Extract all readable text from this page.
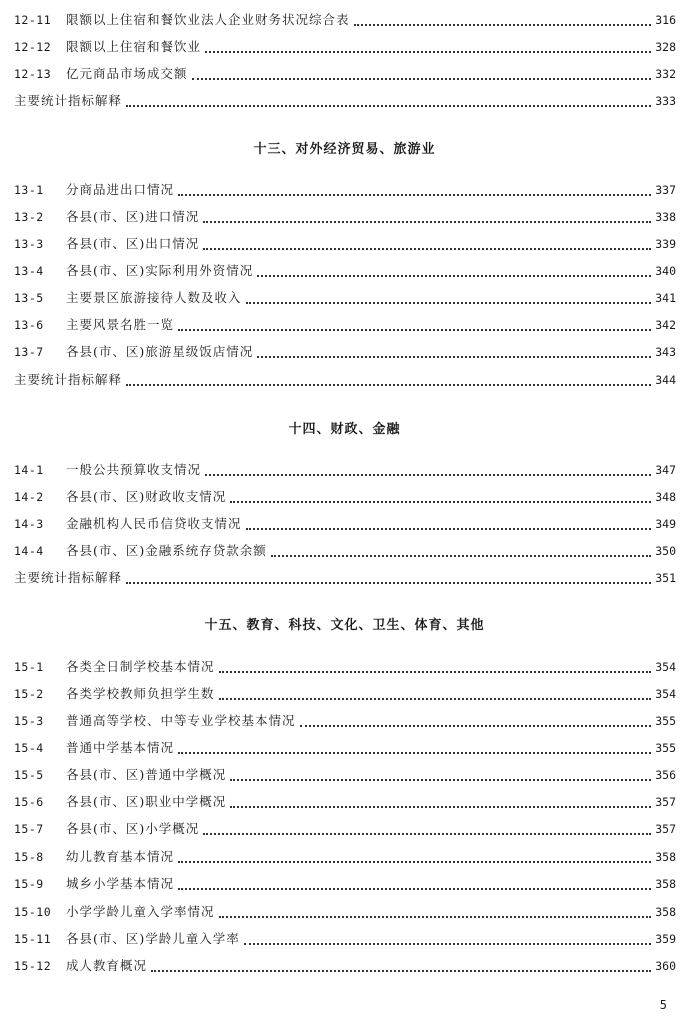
12-11	限额以上住宿和餐饮业法人企业财务状况综合表	316
12-12	限额以上住宿和餐饮业	328
12-13	亿元商品市场成交额	332
主要统计指标解释	333
十三、对外经济贸易、旅游业
13-1	分商品进出口情况	337
13-2	各县(市、区)进口情况	338
13-3	各县(市、区)出口情况	339
13-4	各县(市、区)实际利用外资情况	340
13-5	主要景区旅游接待人数及收入	341
13-6	主要风景名胜一览	342
13-7	各县(市、区)旅游星级饭店情况	343
主要统计指标解释	344
十四、财政、金融
14-1	一般公共预算收支情况	347
14-2	各县(市、区)财政收支情况	348
14-3	金融机构人民币信贷收支情况	349
14-4	各县(市、区)金融系统存贷款余额	350
主要统计指标解释	351
十五、教育、科技、文化、卫生、体育、其他
15-1	各类全日制学校基本情况	354
15-2	各类学校教师负担学生数	354
15-3	普通高等学校、中等专业学校基本情况	355
15-4	普通中学基本情况	355
15-5	各县(市、区)普通中学概况	356
15-6	各县(市、区)职业中学概况	357
15-7	各县(市、区)小学概况	357
15-8	幼儿教育基本情况	358
15-9	城乡小学基本情况	358
15-10	小学学龄儿童入学率情况	358
15-11	各县(市、区)学龄儿童入学率	359
15-12	成人教育概况	360
5
